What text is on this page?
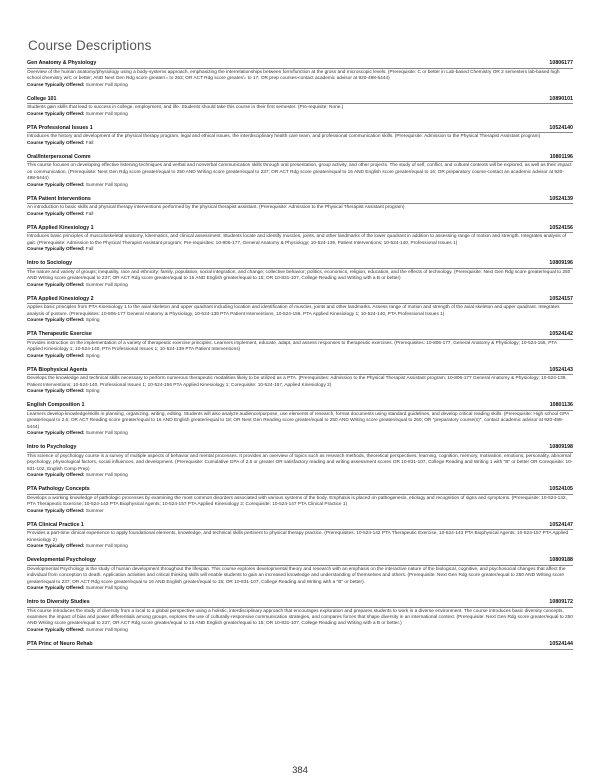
Course Descriptions
Gen Anatomy & Physiology	10806177
Overview of the human anatomy/physiology using a body-systems approach, emphasizing the interrelationships between form/function at the gross and microscopic levels. (Prerequisite: C or better in Lab-based Chemistry OR 2 semesters lab-based high school chemistry w/C or better; AND Next Gen Rdg score greater/= to 263; OR ACT Rdg score greater/= to 17; OR prep courses-contact academic advisor at 920-498-5444)
Course Typically Offered: Summer Fall Spring
College 101	10890101
Students gain skills that lead to success in college, employment, and life. Students should take this course in their first semester. (Pre-requisite: None.)
Course Typically Offered: Summer Fall Spring
PTA Professional Issues 1	10524140
Introduces the history and development of the physical therapy program, legal and ethical issues, the interdisciplinary health care team, and professional communication skills. (Prerequisite: Admission to the Physical Therapist Assistant program)
Course Typically Offered: Fall
Oral/Interpersonal Comm	10801196
This course focuses on developing effective listening techniques and verbal and nonverbal communication skills through oral presentation, group activity, and other projects. The study of self, conflict, and cultural contexts will be explored, as well as their impact on communication. (Prerequisite: Next Gen Rdg score greater/equal to 250 AND Writing score greater/equal to 237; OR ACT Rdg score greater/equal to 16 AND English score greater/equal to 16; OR preparatory course-contact an academic advisor at 920-498-5444)
Course Typically Offered: Summer Fall Spring
PTA Patient Interventions	10524139
An introduction to basic skills and physical therapy interventions performed by the physical therapist assistant. (Prerequisite: Admission to the Physical Therapist Assistant program)
Course Typically Offered: Fall
PTA Applied Kinesiology 1	10524156
Introduces basic principles of musculoskeletal anatomy, kinematics, and clinical assessment. Students locate and identify muscles, joints, and other landmarks of the lower quadrant in addition to assessing range of motion and strength. Integrates analysis of gait. (Prerequisite: Admission to the Physical Therapist Assistant program; Pre-requisites: 10-806-177, General Anatomy & Physiology; 10-524-139, Patient Interventions; 10-524-140, Professional Issues 1)
Course Typically Offered: Fall
Intro to Sociology	10809196
The nature and variety of groups; inequality, race and ethnicity; family, population, social integration, and change; collective behavior; politics, economics, religion, education, and the effects of technology. (Prerequisite: Next Gen Rdg score greater/equal to 250 AND Writing score greater/equal to 237; OR ACT Rdg score greater/equal to 16 AND English greater/equal to 15; OR 10-831-107, College Reading and Writing with a B or better)
Course Typically Offered: Summer Fall Spring
PTA Applied Kinesiology 2	10524157
Applies basic principles from PTA Kinesiology 1 to the axial skeleton and upper quadrant including location and identification of muscles, joints and other landmarks. Assess range of motion and strength of the axial skeleton and upper quadrant. Integrates analysis of posture. (Prerequisites: 10-806-177 General Anatomy & Physiology, 10-524-139 PTA Patient Interventions, 10-524-156, PTA Applied Kinesiology 1; 10-524-140, PTA Professional Issues 1)
Course Typically Offered: Spring
PTA Therapeutic Exercise	10524142
Provides instruction on the implementation of a variety of therapeutic exercise principles. Learners implement, educate, adapt, and assess responses to therapeutic exercises. (Prerequisites: 10-806-177, General Anatomy & Physiology; 10-524-156, PTA Applied Kinesiology 1; 10-524-140, PTA Professional Issues 1; 10-524-139 PTA Patient Interventions)
Course Typically Offered: Spring
PTA Biophysical Agents	10524143
Develops the knowledge and technical skills necessary to perform numerous therapeutic modalities likely to be utilized as a PTA. (Prerequisites: Admission to the Physical Therapist Assistant program; 10-806-177 General Anatomy & Physiology; 10-524-139, Patient Interventions; 10-524-140, Professional Issues 1; 10-524-156 PTA Applied Kinesiology 1; Corequisite: 10-524-157, Applied Kinesiology 2)
Course Typically Offered: Spring
English Composition 1	10801136
Learners develop knowledge/skills in planning, organizing, writing, editing. Students will also analyze audience/purpose, use elements of research, format documents using standard guidelines, and develop critical reading skills. (Prerequisite: High school GPA greater/equal to 2.6; OR ACT Reading score greater/equal to 16 AND English greater/equal to 18; OR Next Gen Reading score greater/equal to 250 AND Writing score greater/equal to 260; OR "preparatory course(s)", contact academic advisor at 920-498-5444)
Course Typically Offered: Summer Fall Spring
Intro to Psychology	10809198
This science of psychology course is a survey of multiple aspects of behavior and mental processes. It provides an overview of topics such as research methods, theoretical perspectives, learning, cognition, memory, motivation, emotions, personality, abnormal psychology, physiological factors, social influences, and development. (Prerequisite: Cumulative GPA of 2.6 or greater OR satisfactory reading and writing assessment scores OR 10-831-107, College Reading and Writing 1 with "B" or better OR Corequisite: 10-831-102, English Comp Prep)
Course Typically Offered: Summer Fall Spring
PTA Pathology Concepts	10524105
Develops a working knowledge of pathologic processes by examining the most common disorders associated with various systems of the body. Emphasis is placed on pathogenesis, etiology and recognition of signs and symptoms. (Prerequisite: 10-524-142, PTA Therapeutic Exercise; 10-524-143 PTA Biophysical Agents; 10-524-157 PTA Applied Kinesiology 2; Corequisite: 10-524-147 PTA Clinical Practice 1)
Course Typically Offered: Summer
PTA Clinical Practice 1	10524147
Provides a part-time clinical experience to apply foundational elements, knowledge, and technical skills pertinent to physical therapy practice. (Prerequisites: 10-524-142 PTA Therapeutic Exercise, 10-524-143 PTA Biophysical Agents; 10-524-157 PTA Applied Kinesiology 2)
Course Typically Offered: Summer Fall Spring
Developmental Psychology	10809188
Developmental Psychology is the study of human development throughout the lifespan. This course explores developmental theory and research with an emphasis on the interactive nature of the biological, cognitive, and psychosocial changes that affect the individual from conception to death. Application activities and critical thinking skills will enable students to gain an increased knowledge and understanding of themselves and others. (Prerequisite: Next Gen Rdg score greater/equal to 250 AND Writing score greater/equal to 237; OR ACT Rdg score greater/equal to 16 AND English greater/equal to 15; OR 10-831-107, College Reading and Writing with a "B" or better).
Course Typically Offered: Summer Fall Spring
Intro to Diversity Studies	10809172
This course introduces the study of diversity from a local to a global perspective using a holistic, interdisciplinary approach that encourages exploration and prepares students to work in a diverse environment. The course introduces basic diversity concepts, examines the impact of bias and power differentials among groups, explores the use of culturally-responsive communication strategies, and compares forces that shape diversity in an international context. (Prerequisite: Next Gen Rdg score greater/equal to 250 AND Writing score greater/equal to 237; OR ACT Rdg score greater/equal to 16 AND English greater/equal to 15; OR 10-831-107, College Reading and Writing with a B or better.)
Course Typically Offered: Summer Fall Spring
PTA Princ of Neuro Rehab	10524144
384
